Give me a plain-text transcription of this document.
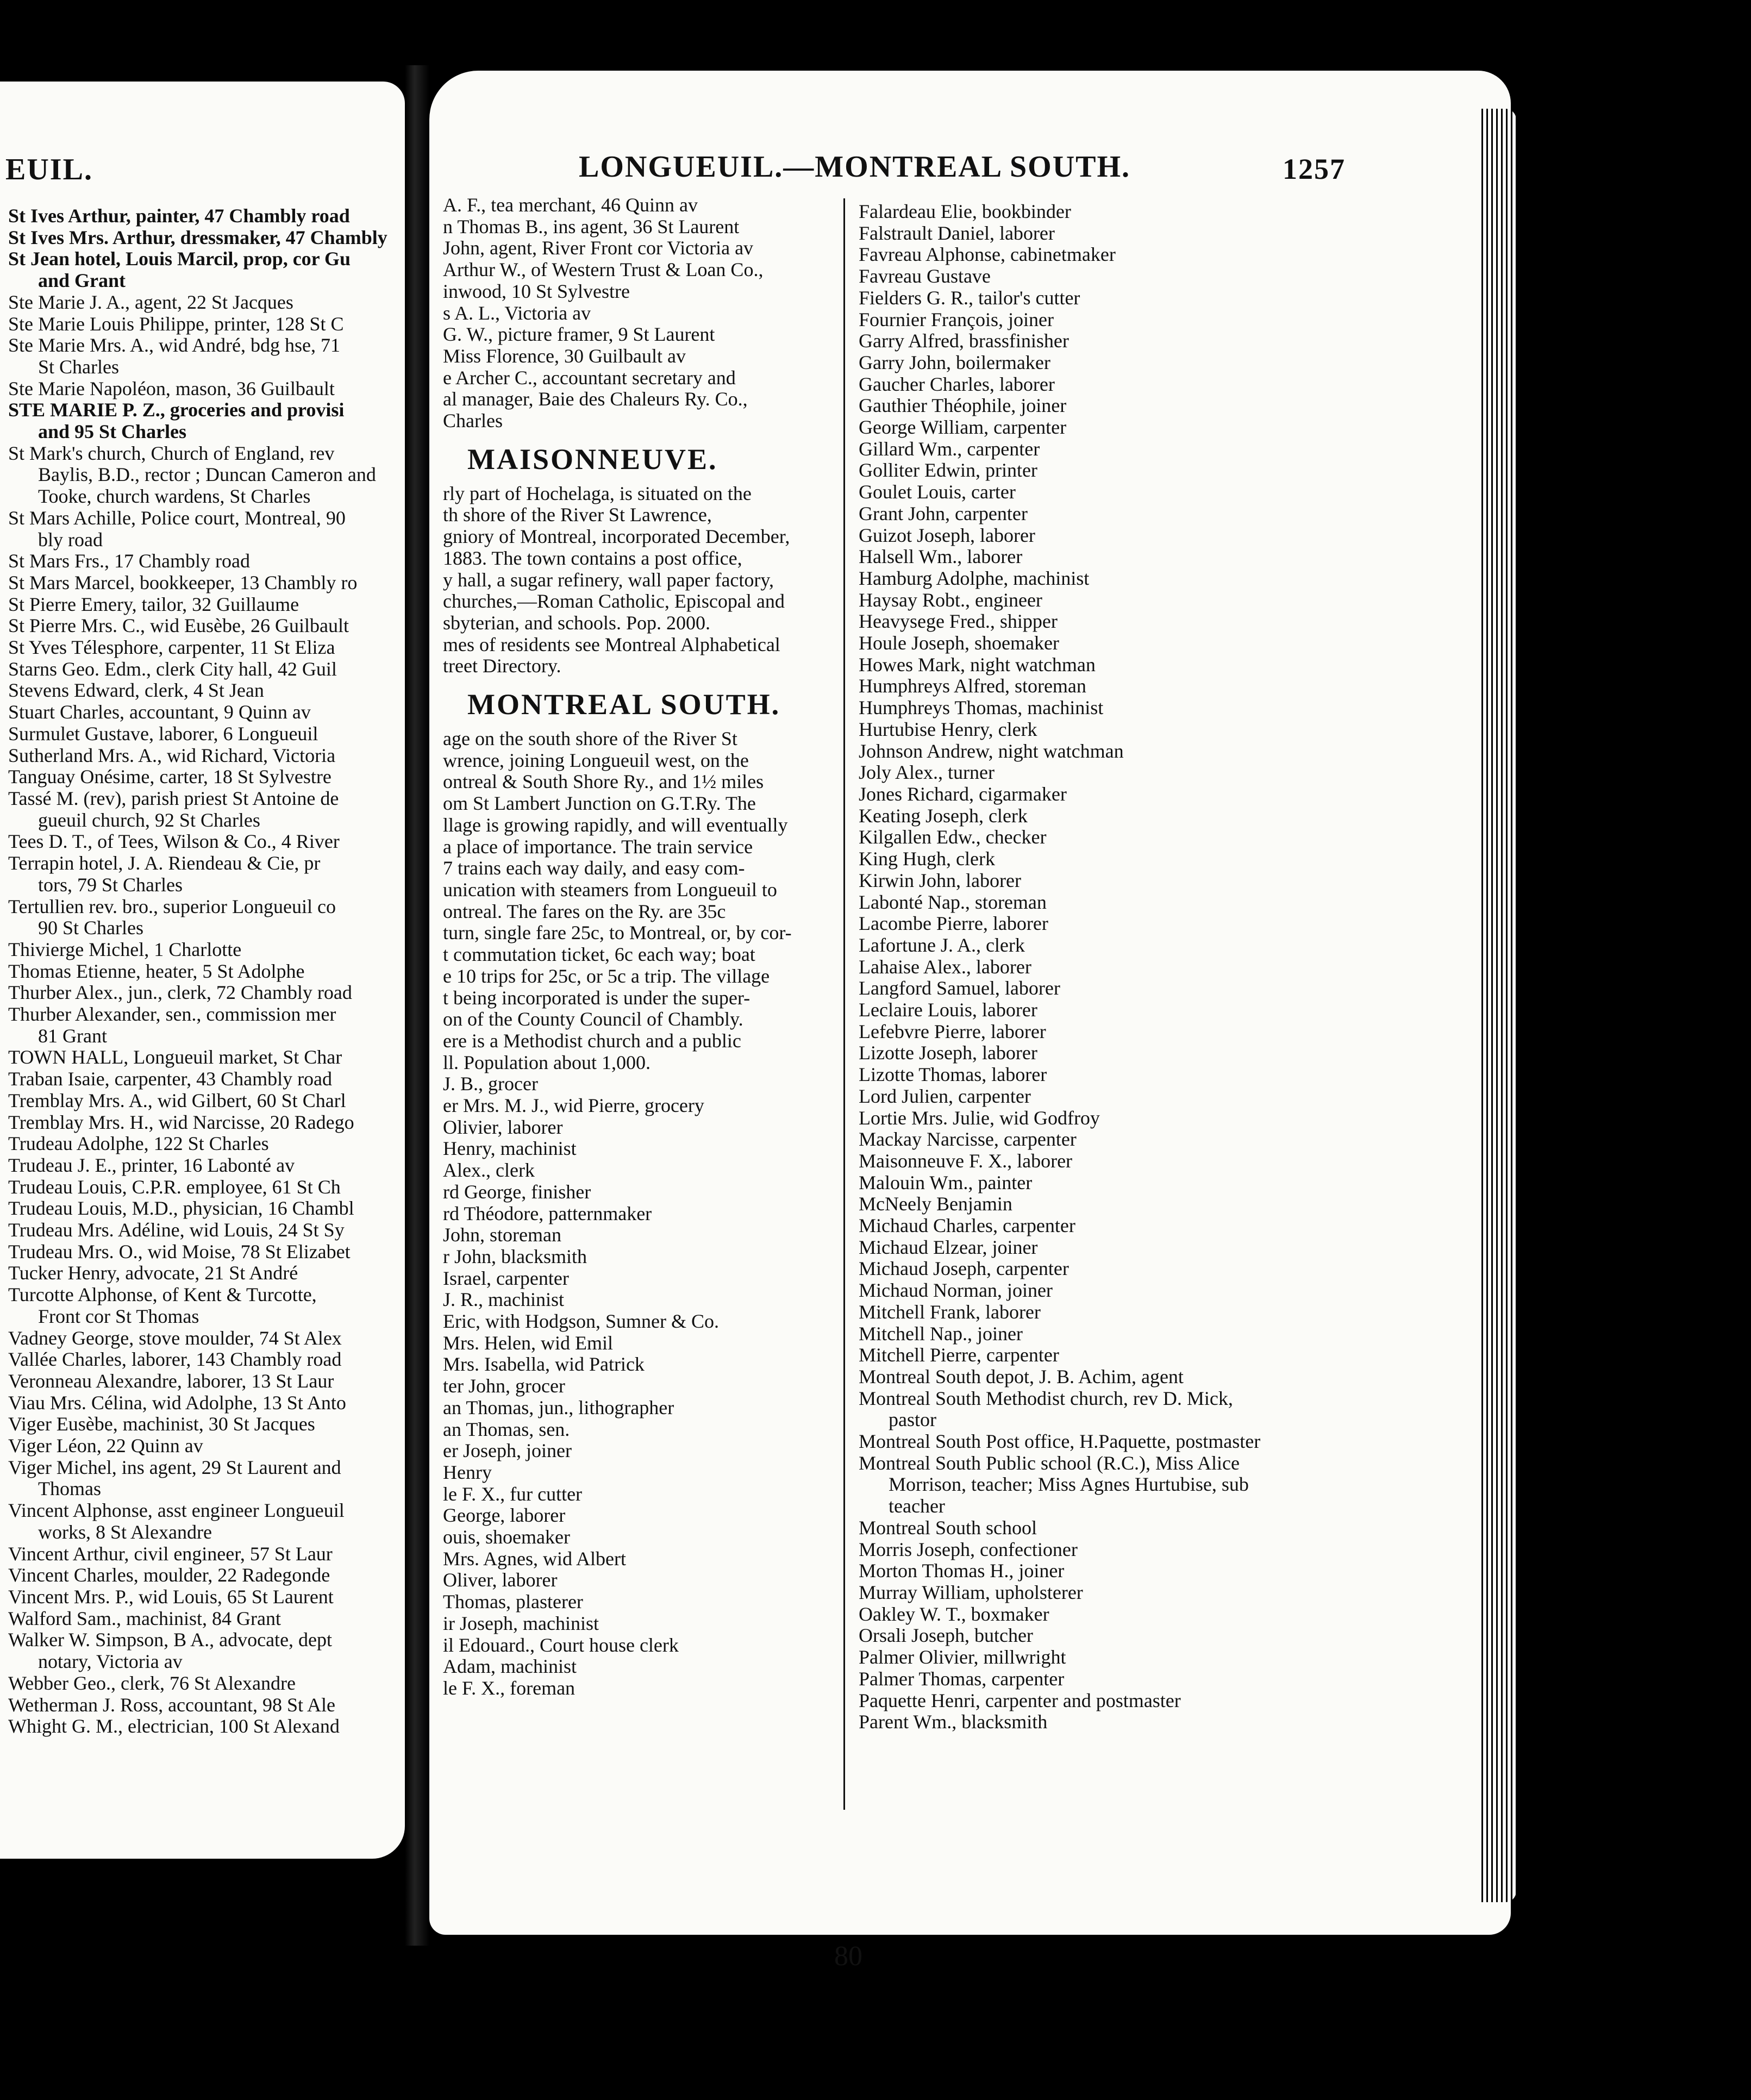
EUIL.
St Ives Arthur, painter, 47 Chambly road
St Ives Mrs. Arthur, dressmaker, 47 Chambly
St Jean hotel, Louis Marcil, prop, cor Gu
and Grant
Ste Marie J. A., agent, 22 St Jacques
Ste Marie Louis Philippe, printer, 128 St C
Ste Marie Mrs. A., wid André, bdg hse, 71
St Charles
Ste Marie Napoléon, mason, 36 Guilbault
STE MARIE P. Z., groceries and provisi
and 95 St Charles
St Mark's church, Church of England, rev
Baylis, B.D., rector ; Duncan Cameron and
Tooke, church wardens, St Charles
St Mars Achille, Police court, Montreal, 90
bly road
St Mars Frs., 17 Chambly road
St Mars Marcel, bookkeeper, 13 Chambly ro
St Pierre Emery, tailor, 32 Guillaume
St Pierre Mrs. C., wid Eusèbe, 26 Guilbault
St Yves Télesphore, carpenter, 11 St Eliza
Starns Geo. Edm., clerk City hall, 42 Guil
Stevens Edward, clerk, 4 St Jean
Stuart Charles, accountant, 9 Quinn av
Surmulet Gustave, laborer, 6 Longueuil
Sutherland Mrs. A., wid Richard, Victoria
Tanguay Onésime, carter, 18 St Sylvestre
Tassé M. (rev), parish priest St Antoine de
gueuil church, 92 St Charles
Tees D. T., of Tees, Wilson & Co., 4 River
Terrapin hotel, J. A. Riendeau & Cie, pr
tors, 79 St Charles
Tertullien rev. bro., superior Longueuil co
90 St Charles
Thivierge Michel, 1 Charlotte
Thomas Etienne, heater, 5 St Adolphe
Thurber Alex., jun., clerk, 72 Chambly road
Thurber Alexander, sen., commission mer
81 Grant
TOWN HALL, Longueuil market, St Char
Traban Isaie, carpenter, 43 Chambly road
Tremblay Mrs. A., wid Gilbert, 60 St Charl
Tremblay Mrs. H., wid Narcisse, 20 Radego
Trudeau Adolphe, 122 St Charles
Trudeau J. E., printer, 16 Labonté av
Trudeau Louis, C.P.R. employee, 61 St Ch
Trudeau Louis, M.D., physician, 16 Chambl
Trudeau Mrs. Adéline, wid Louis, 24 St Sy
Trudeau Mrs. O., wid Moise, 78 St Elizabet
Tucker Henry, advocate, 21 St André
Turcotte Alphonse, of Kent & Turcotte,
Front cor St Thomas
Vadney George, stove moulder, 74 St Alex
Vallée Charles, laborer, 143 Chambly road
Veronneau Alexandre, laborer, 13 St Laur
Viau Mrs. Célina, wid Adolphe, 13 St Anto
Viger Eusèbe, machinist, 30 St Jacques
Viger Léon, 22 Quinn av
Viger Michel, ins agent, 29 St Laurent and
Thomas
Vincent Alphonse, asst engineer Longueuil
works, 8 St Alexandre
Vincent Arthur, civil engineer, 57 St Laur
Vincent Charles, moulder, 22 Radegonde
Vincent Mrs. P., wid Louis, 65 St Laurent
Walford Sam., machinist, 84 Grant
Walker W. Simpson, B A., advocate, dept
notary, Victoria av
Webber Geo., clerk, 76 St Alexandre
Wetherman J. Ross, accountant, 98 St Ale
Whight G. M., electrician, 100 St Alexand
LONGUEUIL.—MONTREAL SOUTH.	1257
A. F., tea merchant, 46 Quinn av
n Thomas B., ins agent, 36 St Laurent
John, agent, River Front cor Victoria av
Arthur W., of Western Trust & Loan Co.,
inwood, 10 St Sylvestre
s A. L., Victoria av
G. W., picture framer, 9 St Laurent
Miss Florence, 30 Guilbault av
e Archer C., accountant secretary and
al manager, Baie des Chaleurs Ry. Co.,
Charles
MAISONNEUVE.
rly part of Hochelaga, is situated on the
th shore of the River St Lawrence,
gniory of Montreal, incorporated December,
1883. The town contains a post office,
y hall, a sugar refinery, wall paper factory,
churches,—Roman Catholic, Episcopal and
sbyterian, and schools. Pop. 2000.
mes of residents see Montreal Alphabetical
treet Directory.
MONTREAL SOUTH.
age on the south shore of the River St
wrence, joining Longueuil west, on the
ontreal & South Shore Ry., and 1½ miles
om St Lambert Junction on G.T.Ry. The
llage is growing rapidly, and will eventually
a place of importance. The train service
7 trains each way daily, and easy com-
unication with steamers from Longueuil to
ontreal. The fares on the Ry. are 35c
turn, single fare 25c, to Montreal, or, by cor-
t commutation ticket, 6c each way; boat
e 10 trips for 25c, or 5c a trip. The village
t being incorporated is under the super-
on of the County Council of Chambly.
ere is a Methodist church and a public
ll. Population about 1,000.
J. B., grocer
er Mrs. M. J., wid Pierre, grocery
Olivier, laborer
Henry, machinist
Alex., clerk
rd George, finisher
rd Théodore, patternmaker
John, storeman
r John, blacksmith
Israel, carpenter
J. R., machinist
Eric, with Hodgson, Sumner & Co.
Mrs. Helen, wid Emil
Mrs. Isabella, wid Patrick
ter John, grocer
an Thomas, jun., lithographer
an Thomas, sen.
er Joseph, joiner
Henry
le F. X., fur cutter
George, laborer
ouis, shoemaker
Mrs. Agnes, wid Albert
Oliver, laborer
Thomas, plasterer
ir Joseph, machinist
il Edouard., Court house clerk
Adam, machinist
le F. X., foreman
Falardeau Elie, bookbinder
Falstrault Daniel, laborer
Favreau Alphonse, cabinetmaker
Favreau Gustave
Fielders G. R., tailor's cutter
Fournier François, joiner
Garry Alfred, brassfinisher
Garry John, boilermaker
Gaucher Charles, laborer
Gauthier Théophile, joiner
George William, carpenter
Gillard Wm., carpenter
Golliter Edwin, printer
Goulet Louis, carter
Grant John, carpenter
Guizot Joseph, laborer
Halsell Wm., laborer
Hamburg Adolphe, machinist
Haysay Robt., engineer
Heavysege Fred., shipper
Houle Joseph, shoemaker
Howes Mark, night watchman
Humphreys Alfred, storeman
Humphreys Thomas, machinist
Hurtubise Henry, clerk
Johnson Andrew, night watchman
Joly Alex., turner
Jones Richard, cigarmaker
Keating Joseph, clerk
Kilgallen Edw., checker
King Hugh, clerk
Kirwin John, laborer
Labonté Nap., storeman
Lacombe Pierre, laborer
Lafortune J. A., clerk
Lahaise Alex., laborer
Langford Samuel, laborer
Leclaire Louis, laborer
Lefebvre Pierre, laborer
Lizotte Joseph, laborer
Lizotte Thomas, laborer
Lord Julien, carpenter
Lortie Mrs. Julie, wid Godfroy
Mackay Narcisse, carpenter
Maisonneuve F. X., laborer
Malouin Wm., painter
McNeely Benjamin
Michaud Charles, carpenter
Michaud Elzear, joiner
Michaud Joseph, carpenter
Michaud Norman, joiner
Mitchell Frank, laborer
Mitchell Nap., joiner
Mitchell Pierre, carpenter
Montreal South depot, J. B. Achim, agent
Montreal South Methodist church, rev D. Mick,
pastor
Montreal South Post office, H.Paquette, postmaster
Montreal South Public school (R.C.), Miss Alice
Morrison, teacher; Miss Agnes Hurtubise, sub
teacher
Montreal South school
Morris Joseph, confectioner
Morton Thomas H., joiner
Murray William, upholsterer
Oakley W. T., boxmaker
Orsali Joseph, butcher
Palmer Olivier, millwright
Palmer Thomas, carpenter
Paquette Henri, carpenter and postmaster
Parent Wm., blacksmith
80
